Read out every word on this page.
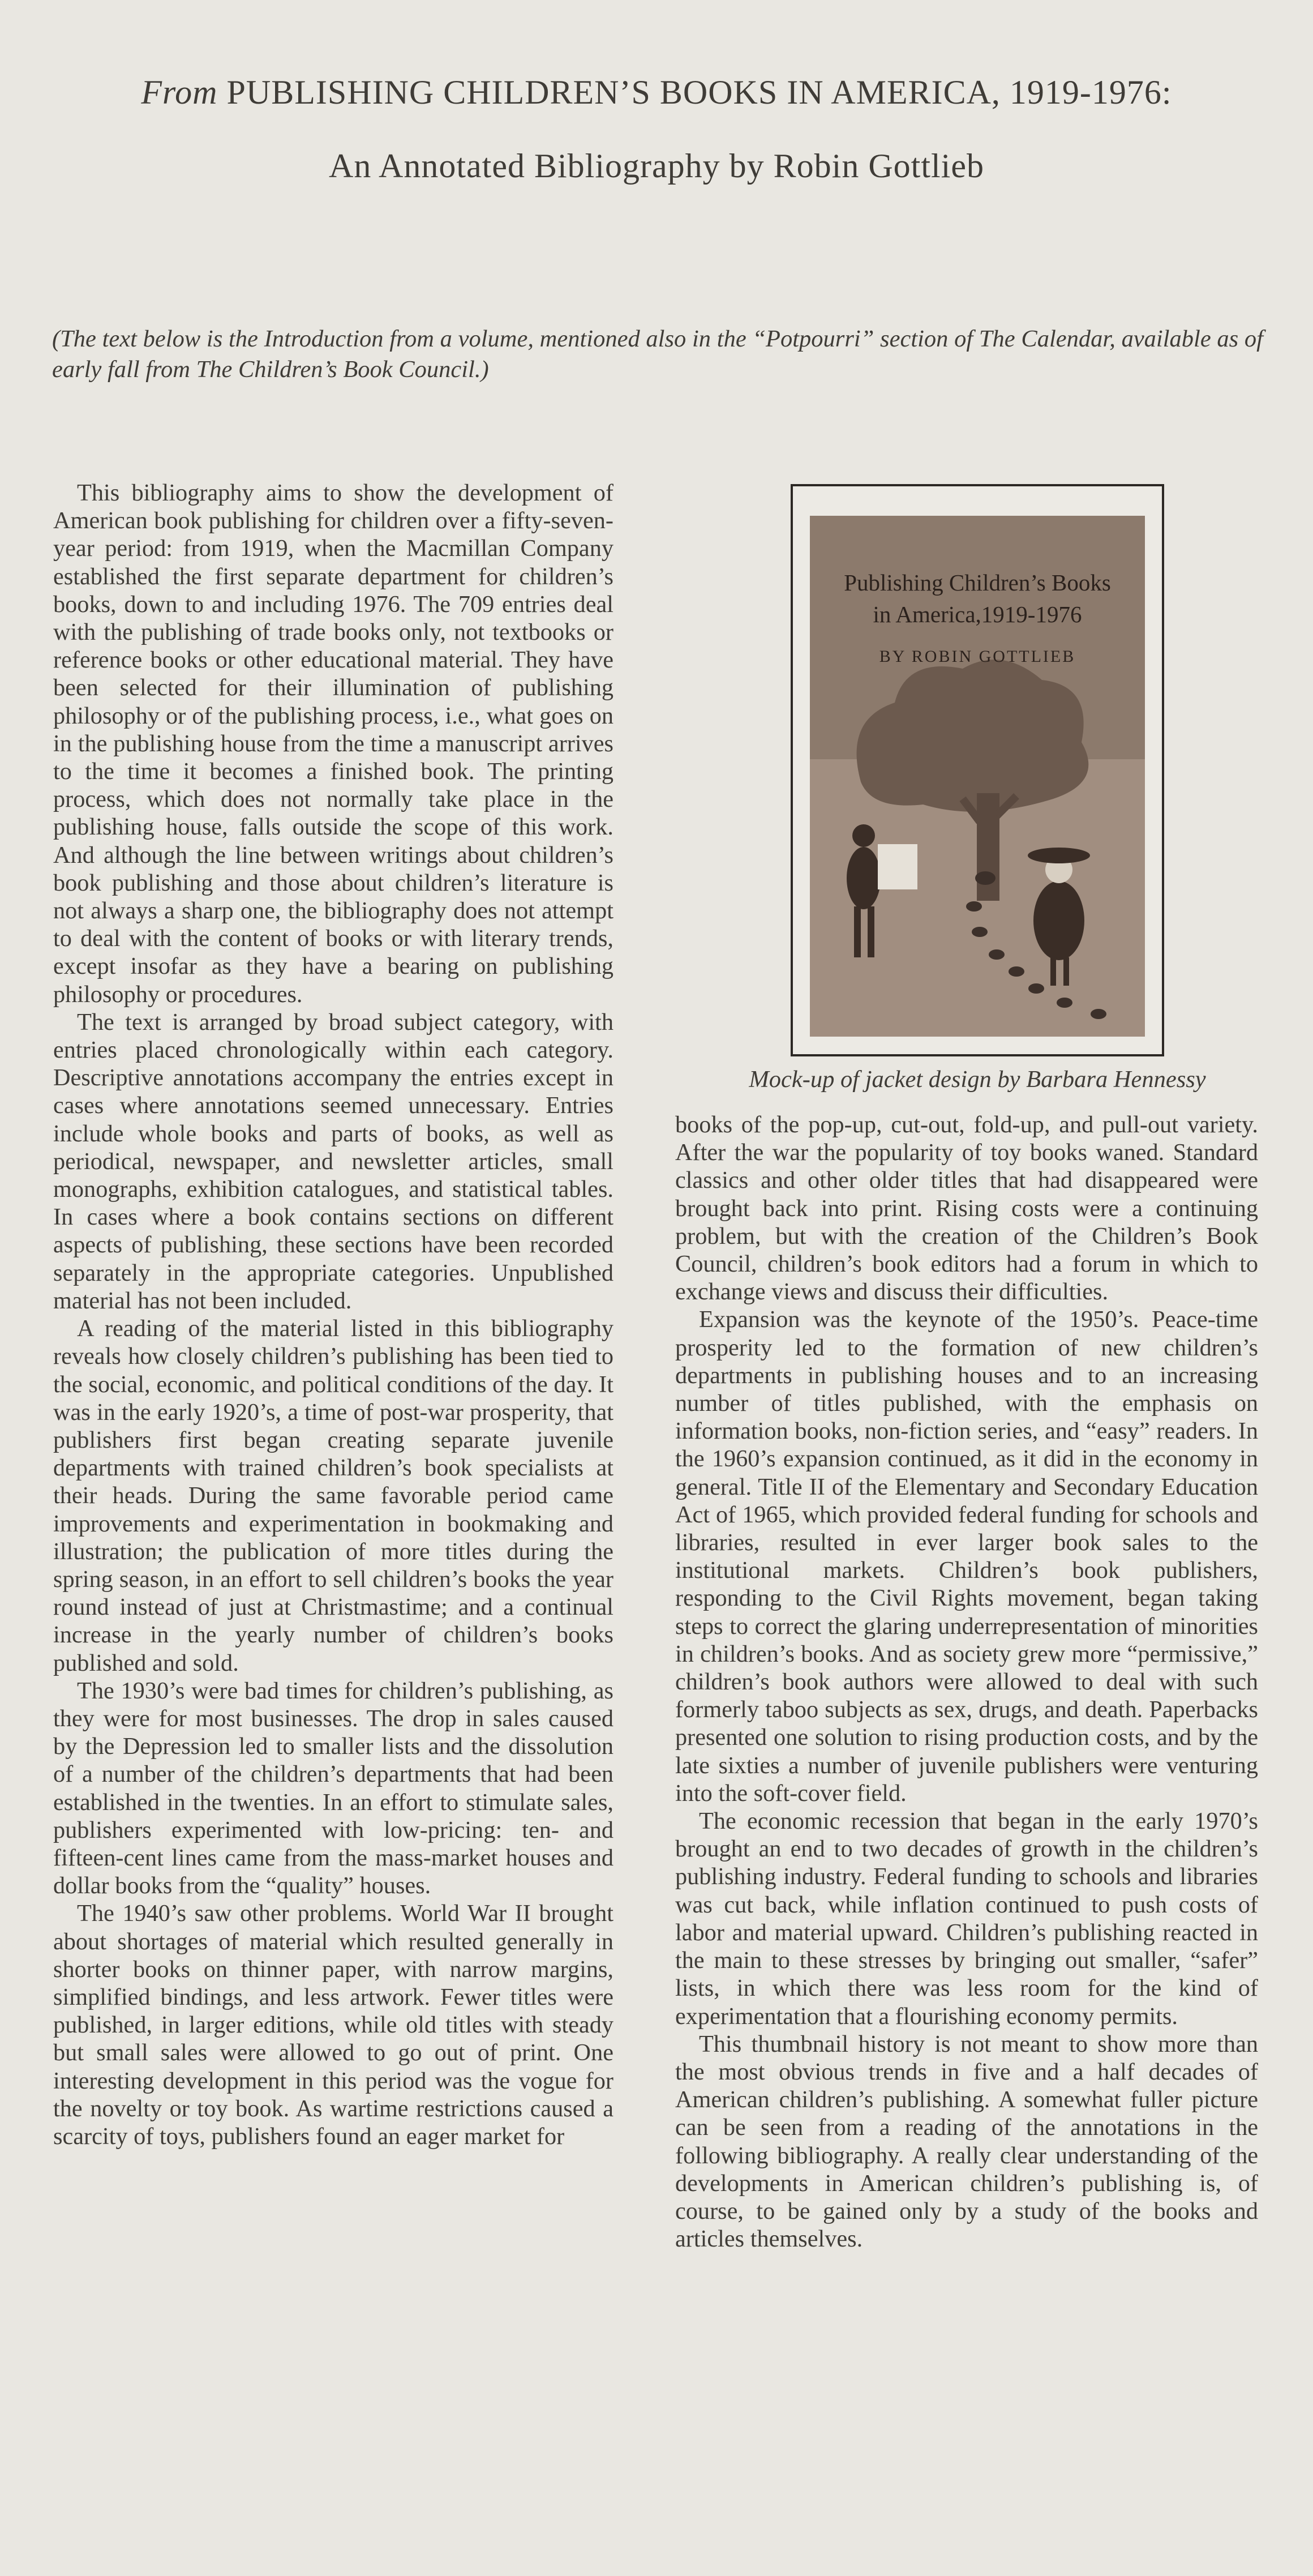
From PUBLISHING CHILDREN’S BOOKS IN AMERICA, 1919-1976:
An Annotated Bibliography by Robin Gottlieb
(The text below is the Introduction from a volume, mentioned also in the “Potpourri” section of The Calendar, available as of early fall from The Children’s Book Council.)

This bibliography aims to show the development of American book publishing for children over a fifty-seven-year period: from 1919, when the Macmillan Company established the first separate department for children’s books, down to and including 1976. The 709 entries deal with the publishing of trade books only, not textbooks or reference books or other educational material. They have been selected for their illumination of publishing philosophy or of the publishing process, i.e., what goes on in the publishing house from the time a manuscript arrives to the time it becomes a finished book. The printing process, which does not normally take place in the publishing house, falls outside the scope of this work. And although the line between writings about children’s book publishing and those about children’s literature is not always a sharp one, the bibliography does not attempt to deal with the content of books or with literary trends, except insofar as they have a bearing on publishing philosophy or procedures.

The text is arranged by broad subject category, with entries placed chronologically within each category. Descriptive annotations accompany the entries except in cases where annotations seemed unnecessary. Entries include whole books and parts of books, as well as periodical, newspaper, and newsletter articles, small monographs, exhibition catalogues, and statistical tables. In cases where a book contains sections on different aspects of publishing, these sections have been recorded separately in the appropriate categories. Unpublished material has not been included.

A reading of the material listed in this bibliography reveals how closely children’s publishing has been tied to the social, economic, and political conditions of the day. It was in the early 1920’s, a time of post-war prosperity, that publishers first began creating separate juvenile departments with trained children’s book specialists at their heads. During the same favorable period came improvements and experimentation in bookmaking and illustration; the publication of more titles during the spring season, in an effort to sell children’s books the year round instead of just at Christmastime; and a continual increase in the yearly number of children’s books published and sold.

The 1930’s were bad times for children’s publishing, as they were for most businesses. The drop in sales caused by the Depression led to smaller lists and the dissolution of a number of the children’s departments that had been established in the twenties. In an effort to stimulate sales, publishers experimented with low-pricing: ten- and fifteen-cent lines came from the mass-market houses and dollar books from the “quality” houses.

The 1940’s saw other problems. World War II brought about shortages of material which resulted generally in shorter books on thinner paper, with narrow margins, simplified bindings, and less artwork. Fewer titles were published, in larger editions, while old titles with steady but small sales were allowed to go out of print. One interesting development in this period was the vogue for the novelty or toy book. As wartime restrictions caused a scarcity of toys, publishers found an eager market for

Publishing Children’s Books
in America,1919-1976
BY ROBIN GOTTLIEB
Mock-up of jacket design by Barbara Hennessy

books of the pop-up, cut-out, fold-up, and pull-out variety. After the war the popularity of toy books waned. Standard classics and other older titles that had disappeared were brought back into print. Rising costs were a continuing problem, but with the creation of the Children’s Book Council, children’s book editors had a forum in which to exchange views and discuss their difficulties.

Expansion was the keynote of the 1950’s. Peace-time prosperity led to the formation of new children’s departments in publishing houses and to an increasing number of titles published, with the emphasis on information books, non-fiction series, and “easy” readers. In the 1960’s expansion continued, as it did in the economy in general. Title II of the Elementary and Secondary Education Act of 1965, which provided federal funding for schools and libraries, resulted in ever larger book sales to the institutional markets. Children’s book publishers, responding to the Civil Rights movement, began taking steps to correct the glaring underrepresentation of minorities in children’s books. And as society grew more “permissive,” children’s book authors were allowed to deal with such formerly taboo subjects as sex, drugs, and death. Paperbacks presented one solution to rising production costs, and by the late sixties a number of juvenile publishers were venturing into the soft-cover field.

The economic recession that began in the early 1970’s brought an end to two decades of growth in the children’s publishing industry. Federal funding to schools and libraries was cut back, while inflation continued to push costs of labor and material upward. Children’s publishing reacted in the main to these stresses by bringing out smaller, “safer” lists, in which there was less room for the kind of experimentation that a flourishing economy permits.

This thumbnail history is not meant to show more than the most obvious trends in five and a half decades of American children’s publishing. A somewhat fuller picture can be seen from a reading of the annotations in the following bibliography. A really clear understanding of the developments in American children’s publishing is, of course, to be gained only by a study of the books and articles themselves.
